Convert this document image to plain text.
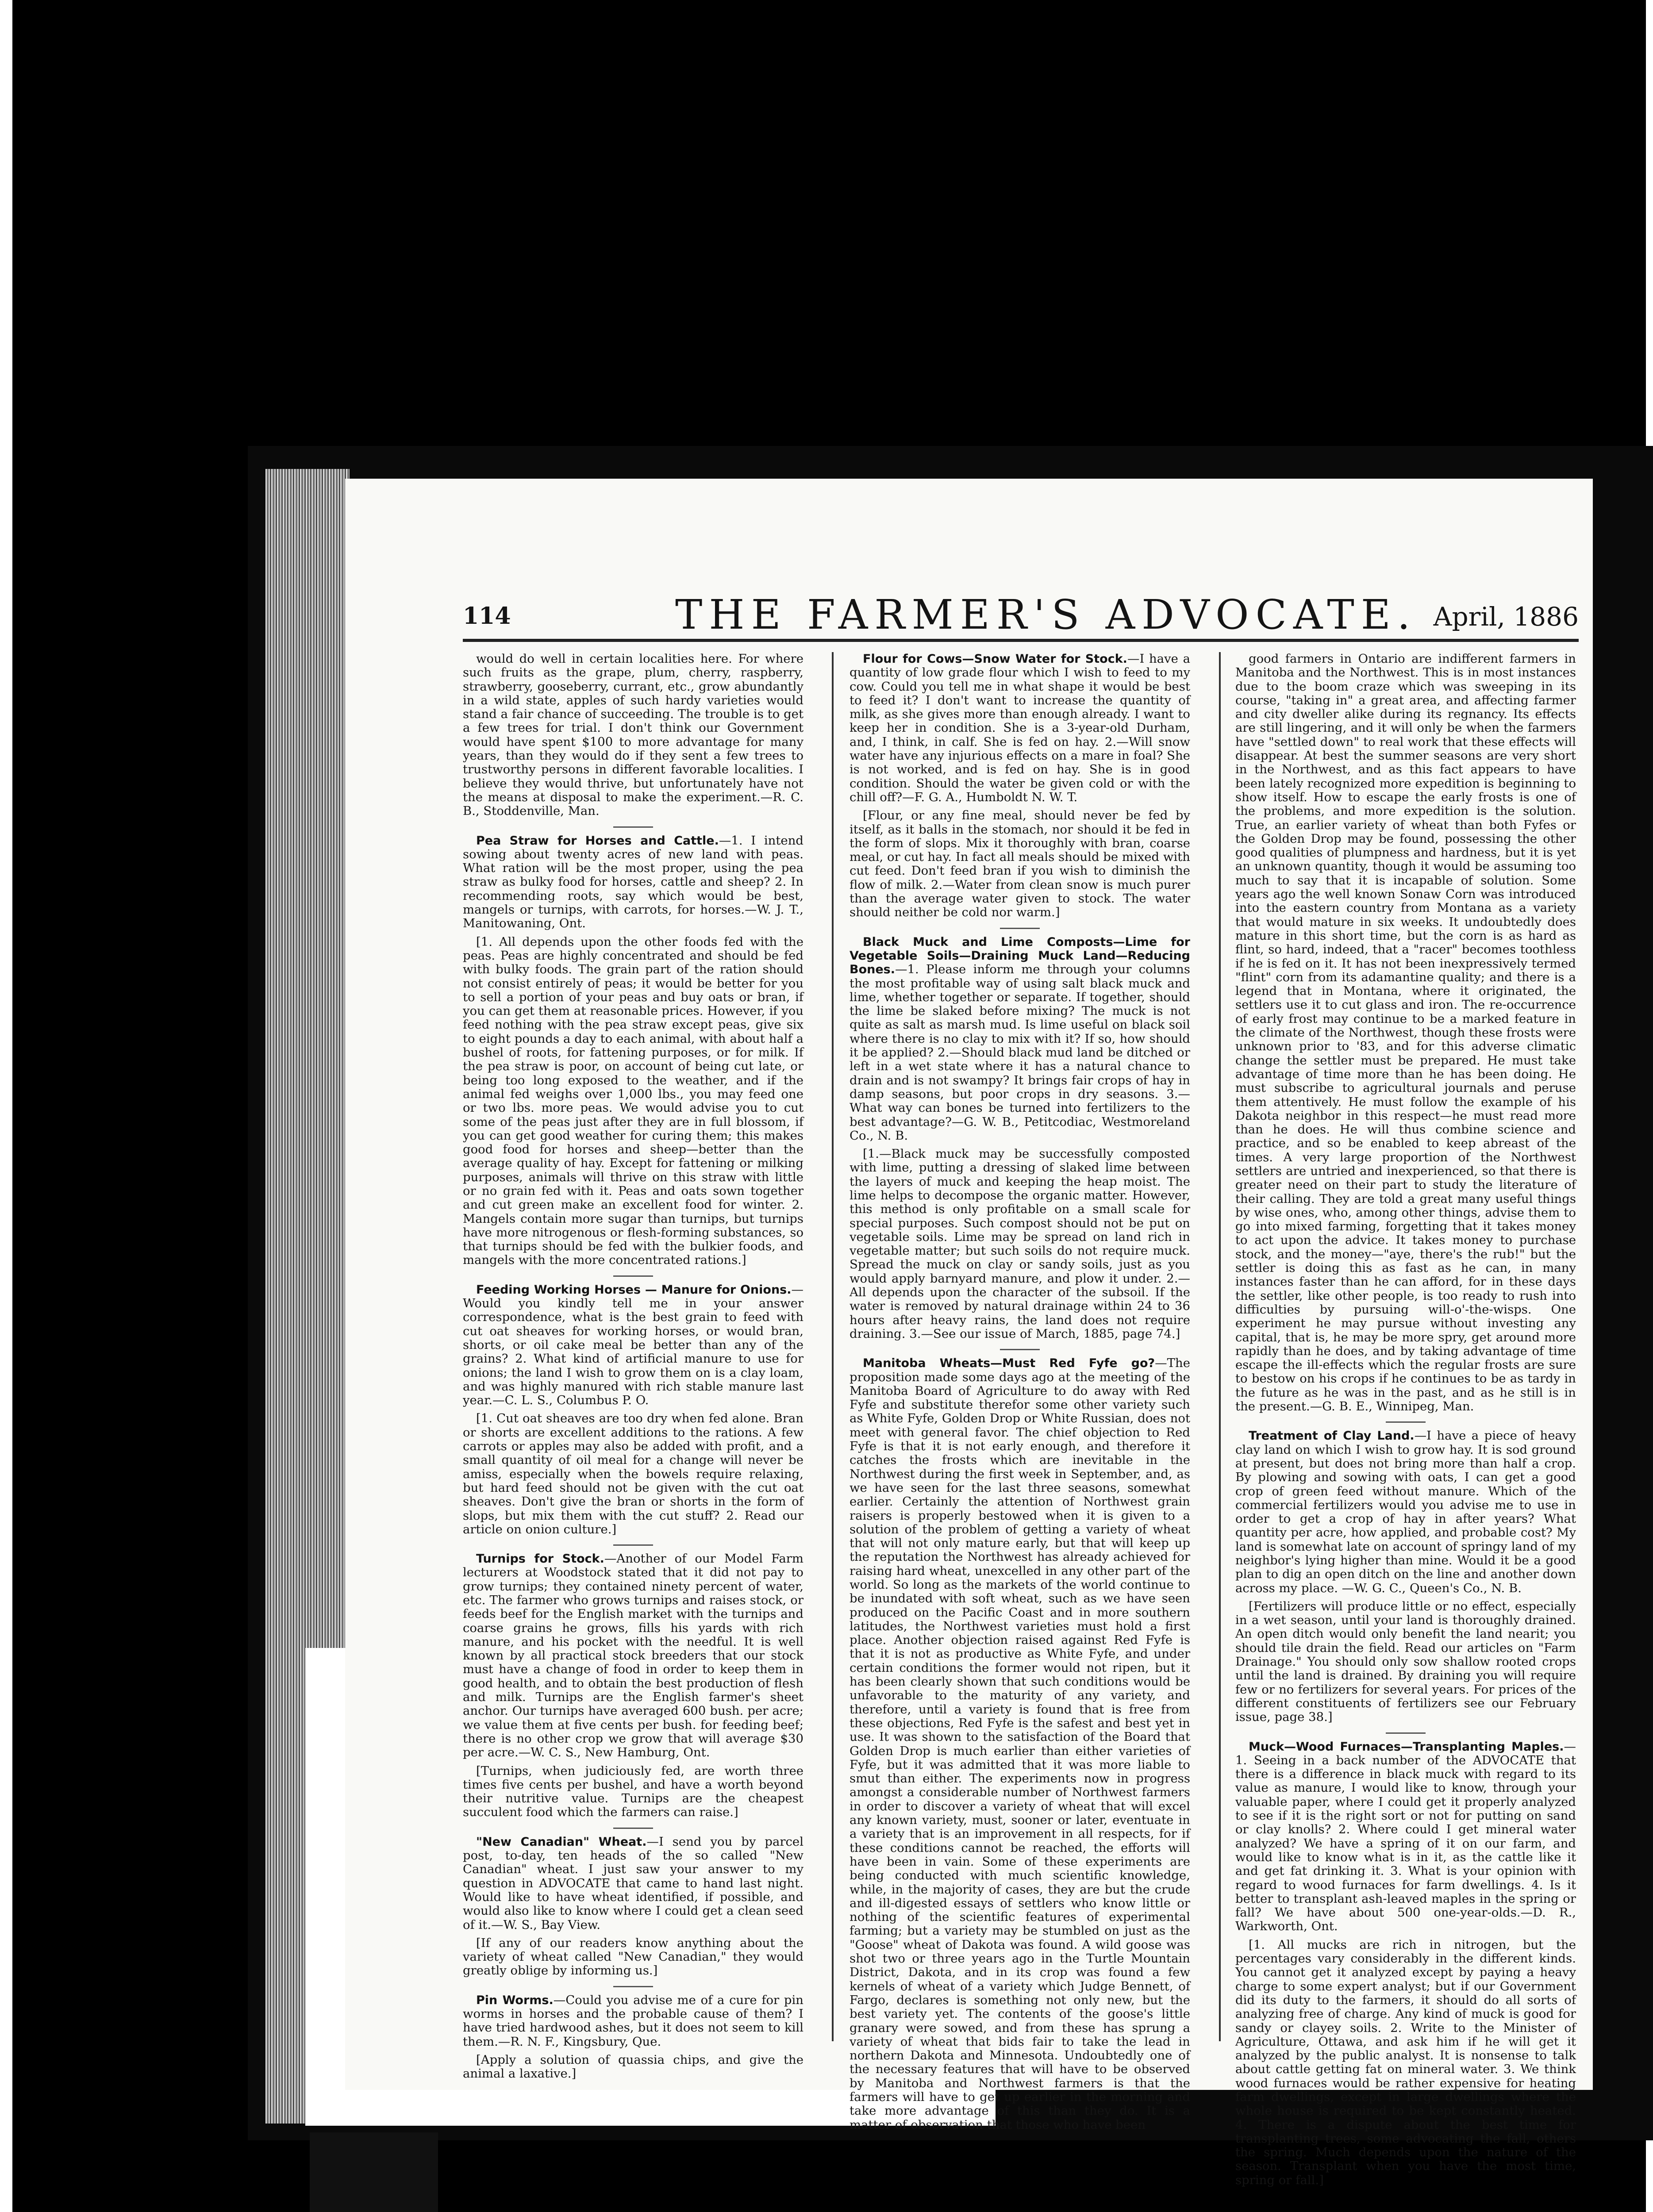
114	THE FARMER'S ADVOCATE. April, 1886

would do well in certain localities here. For where such fruits as the grape, plum, cherry, raspberry, strawberry, gooseberry, currant, etc., grow abundantly in a wild state, apples of such hardy varieties would stand a fair chance of succeeding. The trouble is to get a few trees for trial. I don't think our Government would have spent $100 to more advantage for many years, than they would do if they sent a few trees to trustworthy persons in different favorable localities. I believe they would thrive, but unfortunately have not the means at disposal to make the experiment.—R. C. B., Stoddenville, Man.

Pea Straw for Horses and Cattle.—1. I intend sowing about twenty acres of new land with peas. What ration will be the most proper, using the pea straw as bulky food for horses, cattle and sheep? 2. In recommending roots, say which would be best, mangels or turnips, with carrots, for horses.—W. J. T., Manitowaning, Ont.

[1. All depends upon the other foods fed with the peas. Peas are highly concentrated and should be fed with bulky foods. The grain part of the ration should not consist entirely of peas; it would be better for you to sell a portion of your peas and buy oats or bran, if you can get them at reasonable prices. However, if you feed nothing with the pea straw except peas, give six to eight pounds a day to each animal, with about half a bushel of roots, for fattening purposes, or for milk. If the pea straw is poor, on account of being cut late, or being too long exposed to the weather, and if the animal fed weighs over 1,000 lbs., you may feed one or two lbs. more peas. We would advise you to cut some of the peas just after they are in full blossom, if you can get good weather for curing them; this makes good food for horses and sheep—better than the average quality of hay. Except for fattening or milking purposes, animals will thrive on this straw with little or no grain fed with it. Peas and oats sown together and cut green make an excellent food for winter. 2. Mangels contain more sugar than turnips, but turnips have more nitrogenous or flesh-forming substances, so that turnips should be fed with the bulkier foods, and mangels with the more concentrated rations.]

Feeding Working Horses — Manure for Onions.—Would you kindly tell me in your answer correspondence, what is the best grain to feed with cut oat sheaves for working horses, or would bran, shorts, or oil cake meal be better than any of the grains? 2. What kind of artificial manure to use for onions; the land I wish to grow them on is a clay loam, and was highly manured with rich stable manure last year.—C. L. S., Columbus P. O.

[1. Cut oat sheaves are too dry when fed alone. Bran or shorts are excellent additions to the rations. A few carrots or apples may also be added with profit, and a small quantity of oil meal for a change will never be amiss, especially when the bowels require relaxing, but hard feed should not be given with the cut oat sheaves. Don't give the bran or shorts in the form of slops, but mix them with the cut stuff? 2. Read our article on onion culture.]

Turnips for Stock.—Another of our Model Farm lecturers at Woodstock stated that it did not pay to grow turnips; they contained ninety percent of water, etc. The farmer who grows turnips and raises stock, or feeds beef for the English market with the turnips and coarse grains he grows, fills his yards with rich manure, and his pocket with the needful. It is well known by all practical stock breeders that our stock must have a change of food in order to keep them in good health, and to obtain the best production of flesh and milk. Turnips are the English farmer's sheet anchor. Our turnips have averaged 600 bush. per acre; we value them at five cents per bush. for feeding beef; there is no other crop we grow that will average $30 per acre.—W. C. S., New Hamburg, Ont.

[Turnips, when judiciously fed, are worth three times five cents per bushel, and have a worth beyond their nutritive value. Turnips are the cheapest succulent food which the farmers can raise.]

"New Canadian" Wheat.—I send you by parcel post, to-day, ten heads of the so called "New Canadian" wheat. I just saw your answer to my question in ADVOCATE that came to hand last night. Would like to have wheat identified, if possible, and would also like to know where I could get a clean seed of it.—W. S., Bay View.

[If any of our readers know anything about the variety of wheat called "New Canadian," they would greatly oblige by informing us.]

Pin Worms.—Could you advise me of a cure for pin worms in horses and the probable cause of them? I have tried hardwood ashes, but it does not seem to kill them.—R. N. F., Kingsbury, Que.

[Apply a solution of quassia chips, and give the animal a laxative.]

Flour for Cows—Snow Water for Stock.—I have a quantity of low grade flour which I wish to feed to my cow. Could you tell me in what shape it would be best to feed it? I don't want to increase the quantity of milk, as she gives more than enough already. I want to keep her in condition. She is a 3-year-old Durham, and, I think, in calf. She is fed on hay. 2.—Will snow water have any injurious effects on a mare in foal? She is not worked, and is fed on hay. She is in good condition. Should the water be given cold or with the chill off?—F. G. A., Humboldt N. W. T.

[Flour, or any fine meal, should never be fed by itself, as it balls in the stomach, nor should it be fed in the form of slops. Mix it thoroughly with bran, coarse meal, or cut hay. In fact all meals should be mixed with cut feed. Don't feed bran if you wish to diminish the flow of milk. 2.—Water from clean snow is much purer than the average water given to stock. The water should neither be cold nor warm.]

Black Muck and Lime Composts—Lime for Vegetable Soils—Draining Muck Land—Reducing Bones.—1. Please inform me through your columns the most profitable way of using salt black muck and lime, whether together or separate. If together, should the lime be slaked before mixing? The muck is not quite as salt as marsh mud. Is lime useful on black soil where there is no clay to mix with it? If so, how should it be applied? 2.—Should black mud land be ditched or left in a wet state where it has a natural chance to drain and is not swampy? It brings fair crops of hay in damp seasons, but poor crops in dry seasons. 3.—What way can bones be turned into fertilizers to the best advantage?—G. W. B., Petitcodiac, Westmoreland Co., N. B.

[1.—Black muck may be successfully composted with lime, putting a dressing of slaked lime between the layers of muck and keeping the heap moist. The lime helps to decompose the organic matter. However, this method is only profitable on a small scale for special purposes. Such compost should not be put on vegetable soils. Lime may be spread on land rich in vegetable matter; but such soils do not require muck. Spread the muck on clay or sandy soils, just as you would apply barnyard manure, and plow it under. 2.—All depends upon the character of the subsoil. If the water is removed by natural drainage within 24 to 36 hours after heavy rains, the land does not require draining. 3.—See our issue of March, 1885, page 74.]

Manitoba Wheats—Must Red Fyfe go?—The proposition made some days ago at the meeting of the Manitoba Board of Agriculture to do away with Red Fyfe and substitute therefor some other variety such as White Fyfe, Golden Drop or White Russian, does not meet with general favor. The chief objection to Red Fyfe is that it is not early enough, and therefore it catches the frosts which are inevitable in the Northwest during the first week in September, and, as we have seen for the last three seasons, somewhat earlier. Certainly the attention of Northwest grain raisers is properly bestowed when it is given to a solution of the problem of getting a variety of wheat that will not only mature early, but that will keep up the reputation the Northwest has already achieved for raising hard wheat, unexcelled in any other part of the world. So long as the markets of the world continue to be inundated with soft wheat, such as we have seen produced on the Pacific Coast and in more southern latitudes, the Northwest varieties must hold a first place. Another objection raised against Red Fyfe is that it is not as productive as White Fyfe, and under certain conditions the former would not ripen, but it has been clearly shown that such conditions would be unfavorable to the maturity of any variety, and therefore, until a variety is found that is free from these objections, Red Fyfe is the safest and best yet in use. It was shown to the satisfaction of the Board that Golden Drop is much earlier than either varieties of Fyfe, but it was admitted that it was more liable to smut than either. The experiments now in progress amongst a considerable number of Northwest farmers in order to discover a variety of wheat that will excel any known variety, must, sooner or later, eventuate in a variety that is an improvement in all respects, for if these conditions cannot be reached, the efforts will have been in vain. Some of these experiments are being conducted with much scientific knowledge, while, in the majority of cases, they are but the crude and ill-digested essays of settlers who know little or nothing of the scientific features of experimental farming; but a variety may be stumbled on just as the "Goose" wheat of Dakota was found. A wild goose was shot two or three years ago in the Turtle Mountain District, Dakota, and in its crop was found a few kernels of wheat of a variety which Judge Bennett, of Fargo, declares is something not only new, but the best variety yet. The contents of the goose's little granary were sowed, and from these has sprung a variety of wheat that bids fair to take the lead in northern Dakota and Minnesota. Undoubtedly one of the necessary features that will have to be observed by Manitoba and Northwest farmers is that the farmers will have to get up earlier in the morning and take more advantage of this than they do. It is a matter of observation that those who have been

good farmers in Ontario are indifferent farmers in Manitoba and the Northwest. This is in most instances due to the boom craze which was sweeping in its course, "taking in" a great area, and affecting farmer and city dweller alike during its regnancy. Its effects are still lingering, and it will only be when the farmers have "settled down" to real work that these effects will disappear. At best the summer seasons are very short in the Northwest, and as this fact appears to have been lately recognized more expedition is beginning to show itself. How to escape the early frosts is one of the problems, and more expedition is the solution. True, an earlier variety of wheat than both Fyfes or the Golden Drop may be found, possessing the other good qualities of plumpness and hardness, but it is yet an unknown quantity, though it would be assuming too much to say that it is incapable of solution. Some years ago the well known Sonaw Corn was introduced into the eastern country from Montana as a variety that would mature in six weeks. It undoubtedly does mature in this short time, but the corn is as hard as flint, so hard, indeed, that a "racer" becomes toothless if he is fed on it. It has not been inexpressively termed "flint" corn from its adamantine quality; and there is a legend that in Montana, where it originated, the settlers use it to cut glass and iron. The re-occurrence of early frost may continue to be a marked feature in the climate of the Northwest, though these frosts were unknown prior to '83, and for this adverse climatic change the settler must be prepared. He must take advantage of time more than he has been doing. He must subscribe to agricultural journals and peruse them attentively. He must follow the example of his Dakota neighbor in this respect—he must read more than he does. He will thus combine science and practice, and so be enabled to keep abreast of the times. A very large proportion of the Northwest settlers are untried and inexperienced, so that there is greater need on their part to study the literature of their calling. They are told a great many useful things by wise ones, who, among other things, advise them to go into mixed farming, forgetting that it takes money to act upon the advice. It takes money to purchase stock, and the money—"aye, there's the rub!" but the settler is doing this as fast as he can, in many instances faster than he can afford, for in these days the settler, like other people, is too ready to rush into difficulties by pursuing will-o'-the-wisps. One experiment he may pursue without investing any capital, that is, he may be more spry, get around more rapidly than he does, and by taking advantage of time escape the ill-effects which the regular frosts are sure to bestow on his crops if he continues to be as tardy in the future as he was in the past, and as he still is in the present.—G. B. E., Winnipeg, Man.

Treatment of Clay Land.—I have a piece of heavy clay land on which I wish to grow hay. It is sod ground at present, but does not bring more than half a crop. By plowing and sowing with oats, I can get a good crop of green feed without manure. Which of the commercial fertilizers would you advise me to use in order to get a crop of hay in after years? What quantity per acre, how applied, and probable cost? My land is somewhat late on account of springy land of my neighbor's lying higher than mine. Would it be a good plan to dig an open ditch on the line and another down across my place. —W. G. C., Queen's Co., N. B.

[Fertilizers will produce little or no effect, especially in a wet season, until your land is thoroughly drained. An open ditch would only benefit the land nearit; you should tile drain the field. Read our articles on "Farm Drainage." You should only sow shallow rooted crops until the land is drained. By draining you will require few or no fertilizers for several years. For prices of the different constituents of fertilizers see our February issue, page 38.]

Muck—Wood Furnaces—Transplanting Maples.—1. Seeing in a back number of the ADVOCATE that there is a difference in black muck with regard to its value as manure, I would like to know, through your valuable paper, where I could get it properly analyzed to see if it is the right sort or not for putting on sand or clay knolls? 2. Where could I get mineral water analyzed? We have a spring of it on our farm, and would like to know what is in it, as the cattle like it and get fat drinking it. 3. What is your opinion with regard to wood furnaces for farm dwellings. 4. Is it better to transplant ash-leaved maples in the spring or fall? We have about 500 one-year-olds.—D. R., Warkworth, Ont.

[1. All mucks are rich in nitrogen, but the percentages vary considerably in the different kinds. You cannot get it analyzed except by paying a heavy charge to some expert analyst; but if our Government did its duty to the farmers, it should do all sorts of analyzing free of charge. Any kind of muck is good for sandy or clayey soils. 2. Write to the Minister of Agriculture, Ottawa, and ask him if he will get it analyzed by the public analyst. It is nonsense to talk about cattle getting fat on mineral water. 3. We think wood furnaces would be rather expensive for heating farm dwellings, except in large dwellings where the whole house is required to be kept constantly heated. 4. There is a dispute about the best time for transplanting trees, some advocating the fall, others the spring. Much depends upon the nature of the season. Transplant when you have the most time, spring or fall.]
